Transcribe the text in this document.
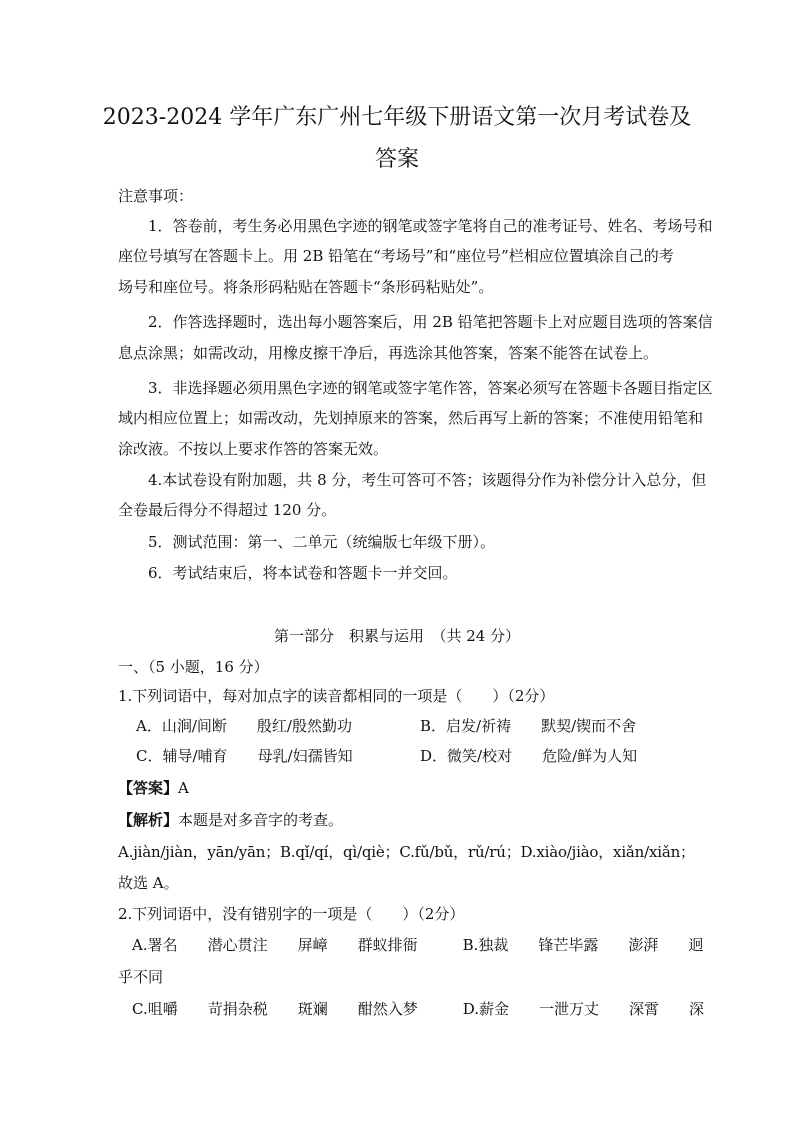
2023-2024 学年广东广州七年级下册语文第一次月考试卷及
答案
注意事项：
1．答卷前，考生务必用黑色字迹的钢笔或签字笔将自己的准考证号、姓名、考场号和
座位号填写在答题卡上。用 2B 铅笔在“考场号”和“座位号”栏相应位置填涂自己的考
场号和座位号。将条形码粘贴在答题卡“条形码粘贴处”。
2．作答选择题时，选出每小题答案后，用 2B 铅笔把答题卡上对应题目选项的答案信
息点涂黑；如需改动，用橡皮擦干净后，再选涂其他答案，答案不能答在试卷上。
3．非选择题必须用黑色字迹的钢笔或签字笔作答，答案必须写在答题卡各题目指定区
域内相应位置上；如需改动，先划掉原来的答案，然后再写上新的答案；不准使用铅笔和
涂改液。不按以上要求作答的答案无效。
4.本试卷设有附加题，共 8 分，考生可答可不答；该题得分作为补偿分计入总分，但
全卷最后得分不得超过 120 分。
5．测试范围：第一、二单元（统编版七年级下册）。
6．考试结束后，将本试卷和答题卡一并交回。
第一部分　积累与运用　（共 24 分）
一、（5 小题，16 分）
1.下列词语中，每对加点字的读音都相同的一项是（　　）（2分）
A．山涧/间断　　殷红/殷然勤功	B．启发/祈祷　　默契/锲而不舍
C．辅导/哺育　　母乳/妇孺皆知	D．微笑/校对　　危险/鲜为人知
【答案】A
【解析】本题是对多音字的考查。
A.jiàn/jiàn，yān/yān；B.qǐ/qí，qì/qiè；C.fǔ/bǔ，rǔ/rú；D.xiào/jiào，xiǎn/xiǎn；
故选 A。
2.下列词语中，没有错别字的一项是（　　）（2分）
A.署名　　潜心贯注　　屏嶂　　群蚁排衙　　　B.独裁　　锋芒毕露　　澎湃　　迥
乎不同
C.咀嚼　　苛捐杂税　　斑斓　　酣然入梦　　　D.薪金　　一泄万丈　　深霄　　深
